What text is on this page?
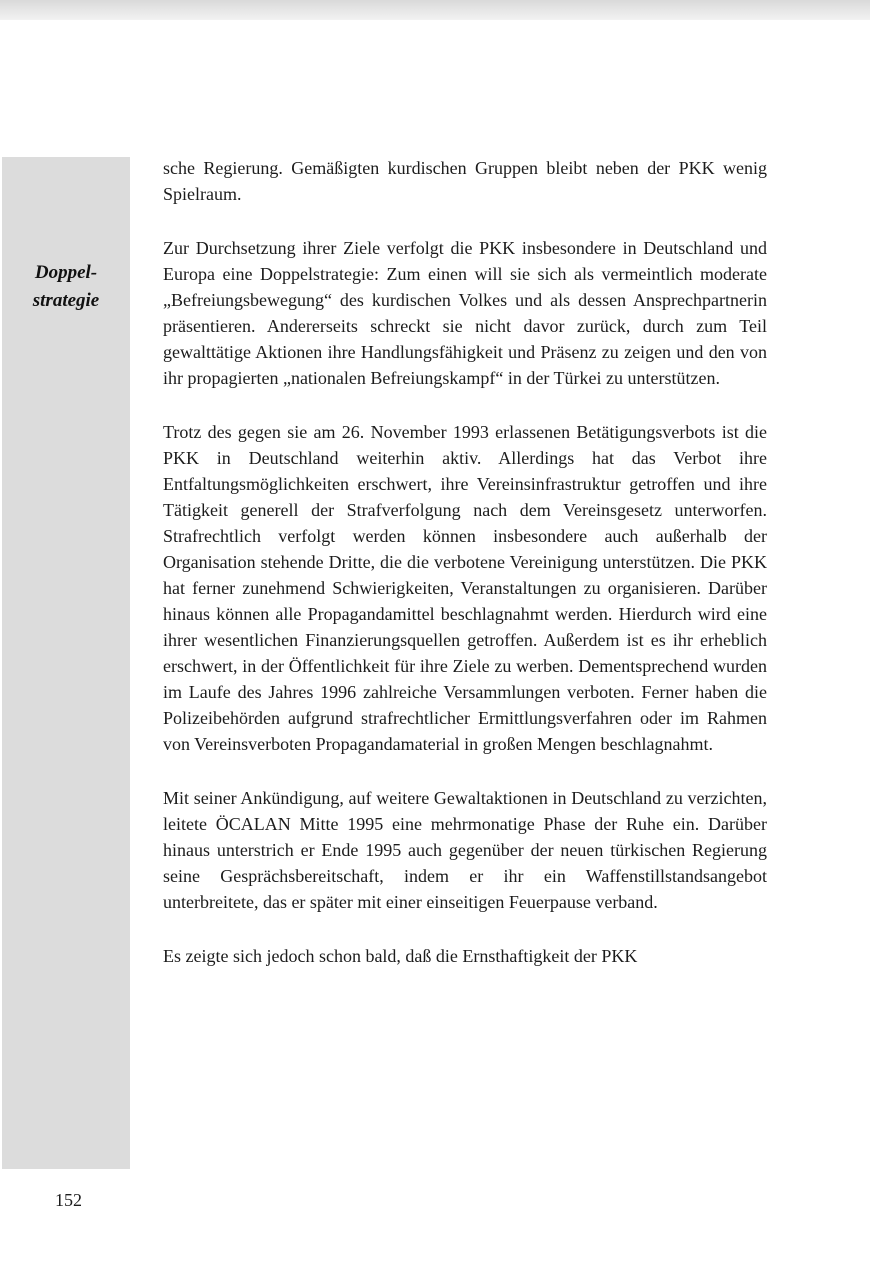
Doppel-
strategie

sche Regierung. Gemäßigten kurdischen Gruppen bleibt neben der PKK wenig Spielraum.

Zur Durchsetzung ihrer Ziele verfolgt die PKK insbesondere in Deutschland und Europa eine Doppelstrategie: Zum einen will sie sich als vermeintlich moderate „Befreiungsbewegung“ des kurdischen Volkes und als dessen Ansprechpartnerin präsentieren. Andererseits schreckt sie nicht davor zurück, durch zum Teil gewalttätige Aktionen ihre Handlungsfähigkeit und Präsenz zu zeigen und den von ihr propagierten „nationalen Befreiungskampf“ in der Türkei zu unterstützen.

Trotz des gegen sie am 26. November 1993 erlassenen Betätigungsverbots ist die PKK in Deutschland weiterhin aktiv. Allerdings hat das Verbot ihre Entfaltungsmöglichkeiten erschwert, ihre Vereinsinfrastruktur getroffen und ihre Tätigkeit generell der Strafverfolgung nach dem Vereinsgesetz unterworfen. Strafrechtlich verfolgt werden können insbesondere auch außerhalb der Organisation stehende Dritte, die die verbotene Vereinigung unterstützen. Die PKK hat ferner zunehmend Schwierigkeiten, Veranstaltungen zu organisieren. Darüber hinaus können alle Propagandamittel beschlagnahmt werden. Hierdurch wird eine ihrer wesentlichen Finanzierungsquellen getroffen. Außerdem ist es ihr erheblich erschwert, in der Öffentlichkeit für ihre Ziele zu werben. Dementsprechend wurden im Laufe des Jahres 1996 zahlreiche Versammlungen verboten. Ferner haben die Polizeibehörden aufgrund strafrechtlicher Ermittlungsverfahren oder im Rahmen von Vereinsverboten Propagandamaterial in großen Mengen beschlagnahmt.

Mit seiner Ankündigung, auf weitere Gewaltaktionen in Deutschland zu verzichten, leitete ÖCALAN Mitte 1995 eine mehrmonatige Phase der Ruhe ein. Darüber hinaus unterstrich er Ende 1995 auch gegenüber der neuen türkischen Regierung seine Gesprächsbereitschaft, indem er ihr ein Waffenstillstandsangebot unterbreitete, das er später mit einer einseitigen Feuerpause verband.

Es zeigte sich jedoch schon bald, daß die Ernsthaftigkeit der PKK

152
